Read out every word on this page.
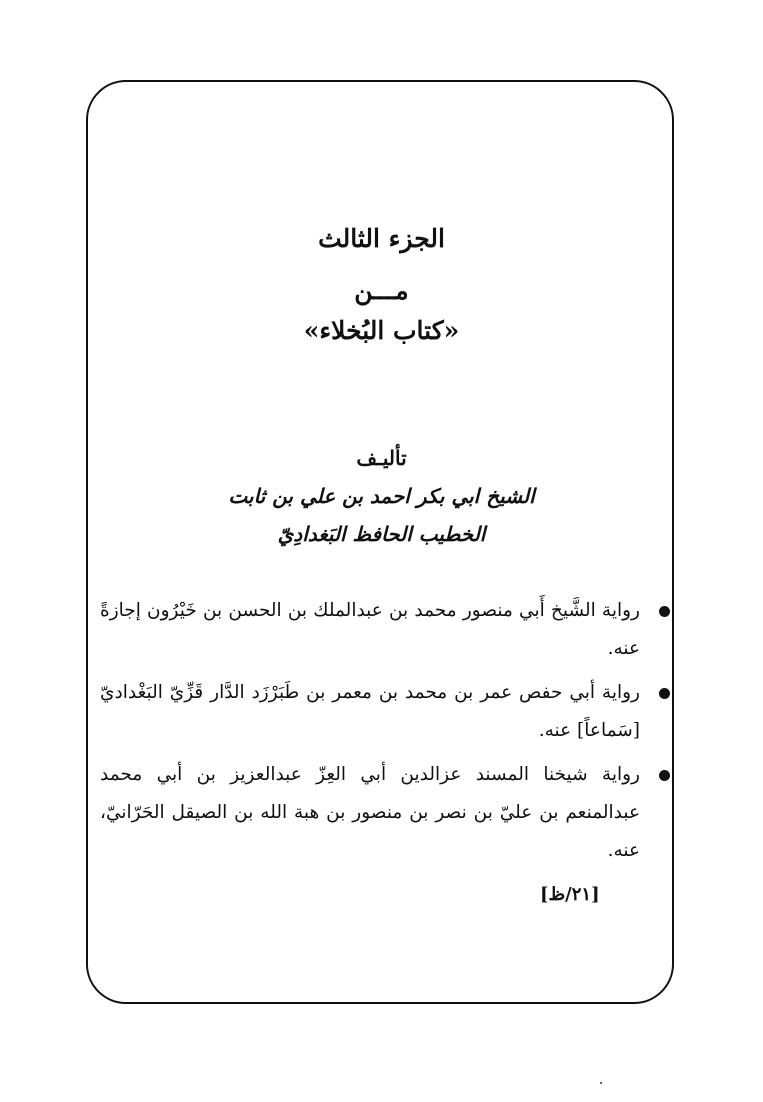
الجزء الثالث
مـــن
«كتاب البُخلاء»
تأليـف
الشيخ ابي بكر احمد بن علي بن ثابت
الخطيب الحافظ البَغدادِيّ
رواية الشَّيخ أَبي منصور محمد بن عبدالملك بن الحسن بن خَيْرُون إجازةً عنه.
رواية أبي حفص عمر بن محمد بن معمر بن طَبَرْزَد الدَّار قَزِّيّ البَغْداديّ [سَماعاً] عنه.
رواية شيخنا المسند عزالدين أبي العِزّ عبدالعزيز بن أبي محمد عبدالمنعم بن عليّ بن نصر بن منصور بن هبة الله بن الصيقل الحَرّانيّ، عنه.
[٢١/ظ]
